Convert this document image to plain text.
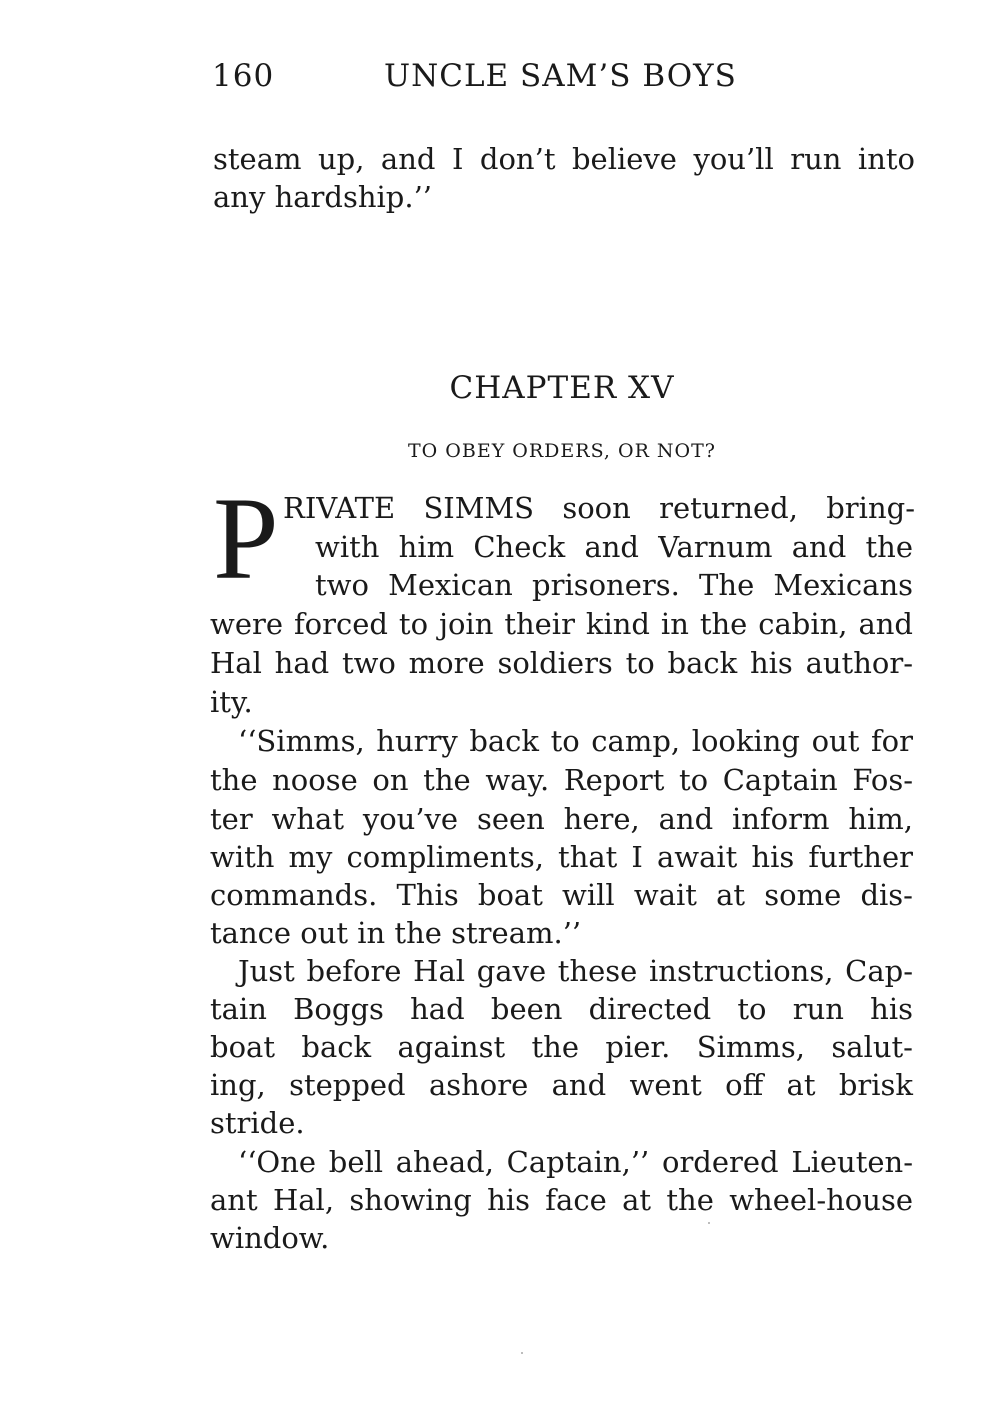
160	UNCLE SAM’S BOYS
steam up, and I don’t believe you’ll run into
any hardship.’’
CHAPTER XV
TO OBEY ORDERS, OR NOT?
P RIVATE SIMMS soon returned, bring-
with him Check and Varnum and the
two Mexican prisoners. The Mexicans
were forced to join their kind in the cabin, and
Hal had two more soldiers to back his author-
ity.
‘‘Simms, hurry back to camp, looking out for
the noose on the way. Report to Captain Fos-
ter what you’ve seen here, and inform him,
with my compliments, that I await his further
commands. This boat will wait at some dis-
tance out in the stream.’’
Just before Hal gave these instructions, Cap-
tain Boggs had been directed to run his
boat back against the pier. Simms, salut-
ing, stepped ashore and went off at brisk
stride.
‘‘One bell ahead, Captain,’’ ordered Lieuten-
ant Hal, showing his face at the wheel-house
window.
